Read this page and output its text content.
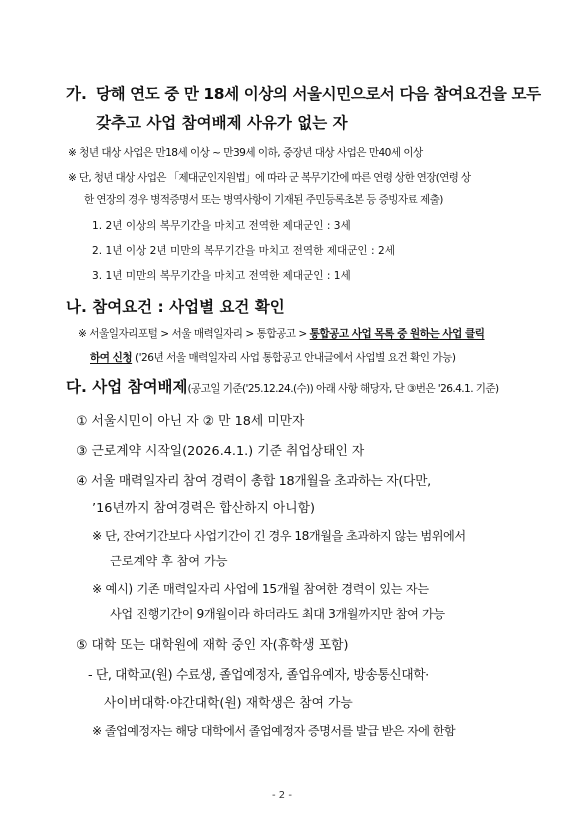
가. 당해 연도 중 만 18세 이상의 서울시민으로서 다음 참여요건을 모두
갖추고 사업 참여배제 사유가 없는 자
※ 청년 대상 사업은 만18세 이상 ~ 만39세 이하, 중장년 대상 사업은 만40세 이상
※ 단, 청년 대상 사업은 「제대군인지원법」에 따라 군 복무기간에 따른 연령 상한 연장(연령 상
한 연장의 경우 병적증명서 또는 병역사항이 기재된 주민등록초본 등 증빙자료 제출)
1. 2년 이상의 복무기간을 마치고 전역한 제대군인 : 3세
2. 1년 이상 2년 미만의 복무기간을 마치고 전역한 제대군인 : 2세
3. 1년 미만의 복무기간을 마치고 전역한 제대군인 : 1세
나. 참여요건 : 사업별 요건 확인
※ 서울일자리포털 > 서울 매력일자리 > 통합공고 > 통합공고 사업 목록 중 원하는 사업 클릭
하여 신청 ('26년 서울 매력일자리 사업 통합공고 안내글에서 사업별 요건 확인 가능)
다. 사업 참여배제(공고일 기준('25.12.24.(수)) 아래 사항 해당자, 단 ③번은 '26.4.1. 기준)
① 서울시민이 아닌 자 ② 만 18세 미만자
③ 근로계약 시작일(2026.4.1.) 기준 취업상태인 자
④ 서울 매력일자리 참여 경력이 총합 18개월을 초과하는 자(다만,
’16년까지 참여경력은 합산하지 아니함)
※ 단, 잔여기간보다 사업기간이 긴 경우 18개월을 초과하지 않는 범위에서
근로계약 후 참여 가능
※ 예시) 기존 매력일자리 사업에 15개월 참여한 경력이 있는 자는
사업 진행기간이 9개월이라 하더라도 최대 3개월까지만 참여 가능
⑤ 대학 또는 대학원에 재학 중인 자(휴학생 포함)
- 단, 대학교(원) 수료생, 졸업예정자, 졸업유예자, 방송통신대학·
사이버대학·야간대학(원) 재학생은 참여 가능
※ 졸업예정자는 해당 대학에서 졸업예정자 증명서를 발급 받은 자에 한함
- 2 -
